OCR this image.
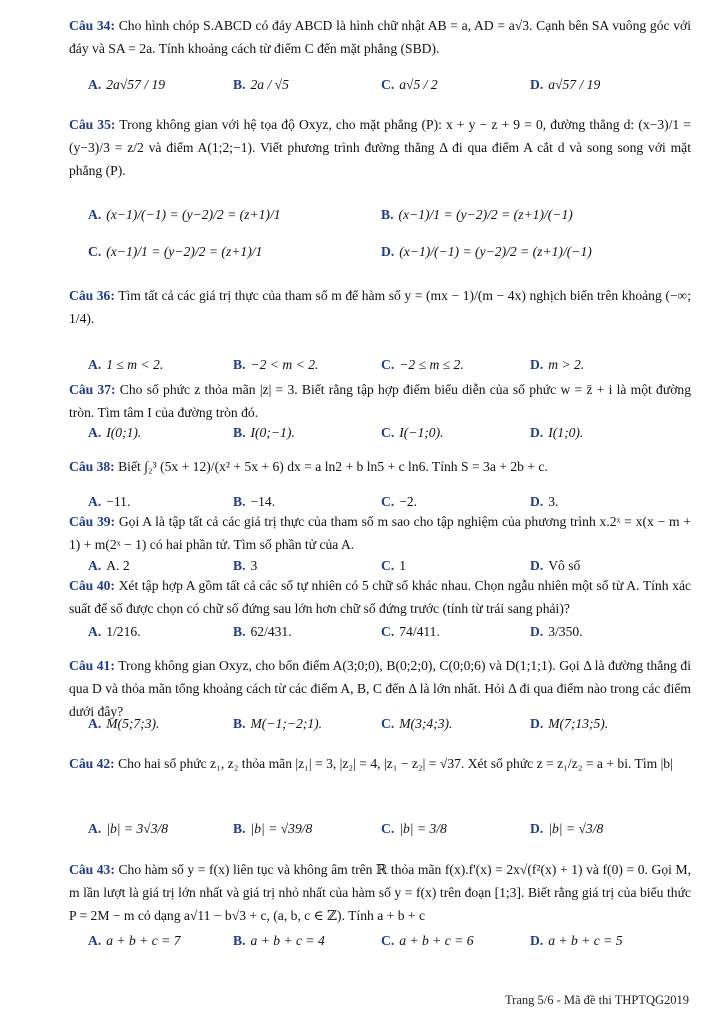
Câu 34: Cho hình chóp S.ABCD có đáy ABCD là hình chữ nhật AB = a, AD = a√3. Cạnh bên SA vuông góc với đáy và SA = 2a. Tính khoảng cách từ điểm C đến mặt phẳng (SBD).
A. 2a√57 / 19	B. 2a / √5	C. a√5 / 2	D. a√57 / 19
Câu 35: Trong không gian với hệ tọa độ Oxyz, cho mặt phẳng (P): x + y − z + 9 = 0, đường thẳng d: (x−3)/1 = (y−3)/3 = z/2 và điểm A(1;2;−1). Viết phương trình đường thẳng Δ đi qua điểm A cắt d và song song với mặt phẳng (P).
A. (x−1)/(−1) = (y−2)/2 = (z+1)/1	B. (x−1)/1 = (y−2)/2 = (z+1)/(−1)
C. (x−1)/1 = (y−2)/2 = (z+1)/1	D. (x−1)/(−1) = (y−2)/2 = (z+1)/(−1)
Câu 36: Tìm tất cả các giá trị thực của tham số m để hàm số y = (mx − 1)/(m − 4x) nghịch biến trên khoảng (−∞; 1/4).
A. 1 ≤ m < 2.	B. −2 < m < 2.	C. −2 ≤ m ≤ 2.	D. m > 2.
Câu 37: Cho số phức z thỏa mãn |z| = 3. Biết rằng tập hợp điểm biểu diễn của số phức w = z̄ + i là một đường tròn. Tìm tâm I của đường tròn đó.
A. I(0;1).	B. I(0;−1).	C. I(−1;0).	D. I(1;0).
Câu 38: Biết ∫₂³ (5x + 12)/(x² + 5x + 6) dx = a ln2 + b ln5 + c ln6. Tính S = 3a + 2b + c.
A. −11.	B. −14.	C. −2.	D. 3.
Câu 39: Gọi A là tập tất cả các giá trị thực của tham số m sao cho tập nghiệm của phương trình x.2ˣ = x(x − m + 1) + m(2ˣ − 1) có hai phần tử. Tìm số phần tử của A.
A. A. 2	B. 3	C. 1	D. Vô số
Câu 40: Xét tập hợp A gồm tất cả các số tự nhiên có 5 chữ số khác nhau. Chọn ngẫu nhiên một số từ A. Tính xác suất để số được chọn có chữ số đứng sau lớn hơn chữ số đứng trước (tính từ trái sang phải)?
A. 1/216.	B. 62/431.	C. 74/411.	D. 3/350.
Câu 41: Trong không gian Oxyz, cho bốn điểm A(3;0;0), B(0;2;0), C(0;0;6) và D(1;1;1). Gọi Δ là đường thẳng đi qua D và thỏa mãn tổng khoảng cách từ các điểm A, B, C đến Δ là lớn nhất. Hỏi Δ đi qua điểm nào trong các điểm dưới đây?
A. M(5;7;3).	B. M(−1;−2;1).	C. M(3;4;3).	D. M(7;13;5).
Câu 42: Cho hai số phức z₁, z₂ thỏa mãn |z₁| = 3, |z₂| = 4, |z₁ − z₂| = √37. Xét số phức z = z₁/z₂ = a + bi. Tìm |b|
A. |b| = 3√3/8	B. |b| = √39/8	C. |b| = 3/8	D. |b| = √3/8
Câu 43: Cho hàm số y = f(x) liên tục và không âm trên ℝ thỏa mãn f(x).f'(x) = 2x√(f²(x) + 1) và f(0) = 0. Gọi M, m lần lượt là giá trị lớn nhất và giá trị nhỏ nhất của hàm số y = f(x) trên đoạn [1;3]. Biết rằng giá trị của biểu thức P = 2M − m có dạng a√11 − b√3 + c, (a, b, c ∈ ℤ). Tính a + b + c
A. a + b + c = 7	B. a + b + c = 4	C. a + b + c = 6	D. a + b + c = 5
Trang 5/6 - Mã đề thi THPTQG2019
